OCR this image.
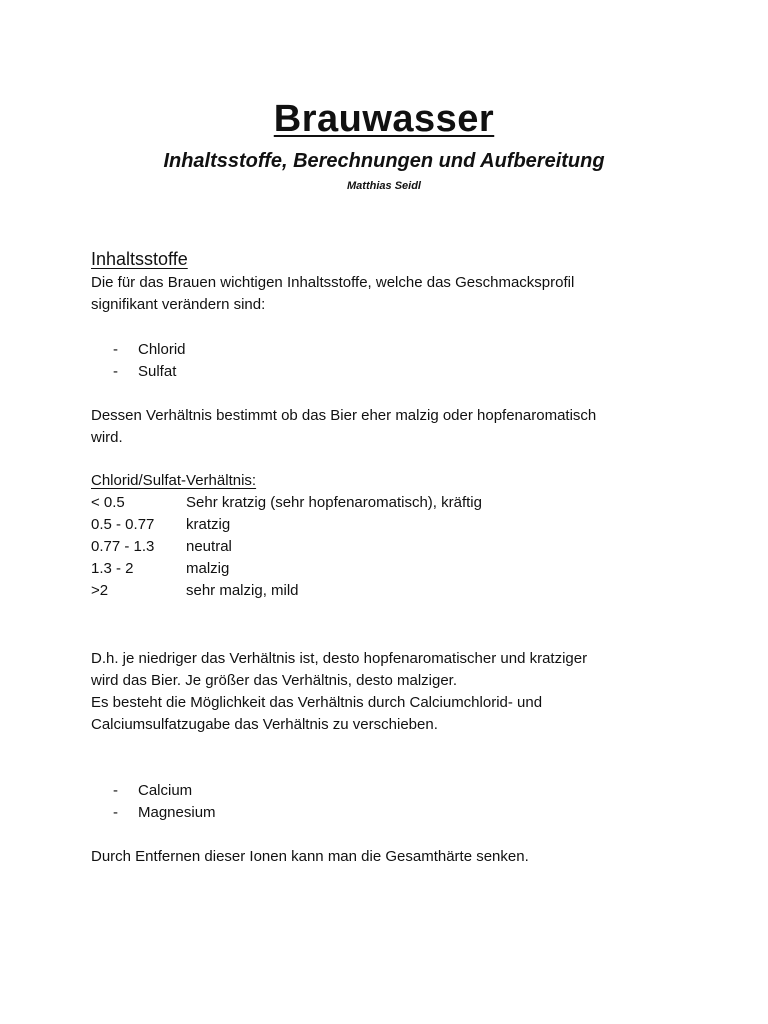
Brauwasser
Inhaltsstoffe, Berechnungen und Aufbereitung
Matthias Seidl
Inhaltsstoffe
Die für das Brauen wichtigen Inhaltsstoffe, welche das Geschmacksprofil
signifikant verändern sind:
- Chlorid
- Sulfat
Dessen Verhältnis bestimmt ob das Bier eher malzig oder hopfenaromatisch
wird.
Chlorid/Sulfat-Verhältnis:
< 0.5	Sehr kratzig (sehr hopfenaromatisch), kräftig
0.5 - 0.77	kratzig
0.77 - 1.3	neutral
1.3 - 2	malzig
>2	sehr malzig, mild
D.h. je niedriger das Verhältnis ist, desto hopfenaromatischer und kratziger
wird das Bier. Je größer das Verhältnis, desto malziger.
Es besteht die Möglichkeit das Verhältnis durch Calciumchlorid- und
Calciumsulfatzugabe das Verhältnis zu verschieben.
- Calcium
- Magnesium
Durch Entfernen dieser Ionen kann man die Gesamthärte senken.
